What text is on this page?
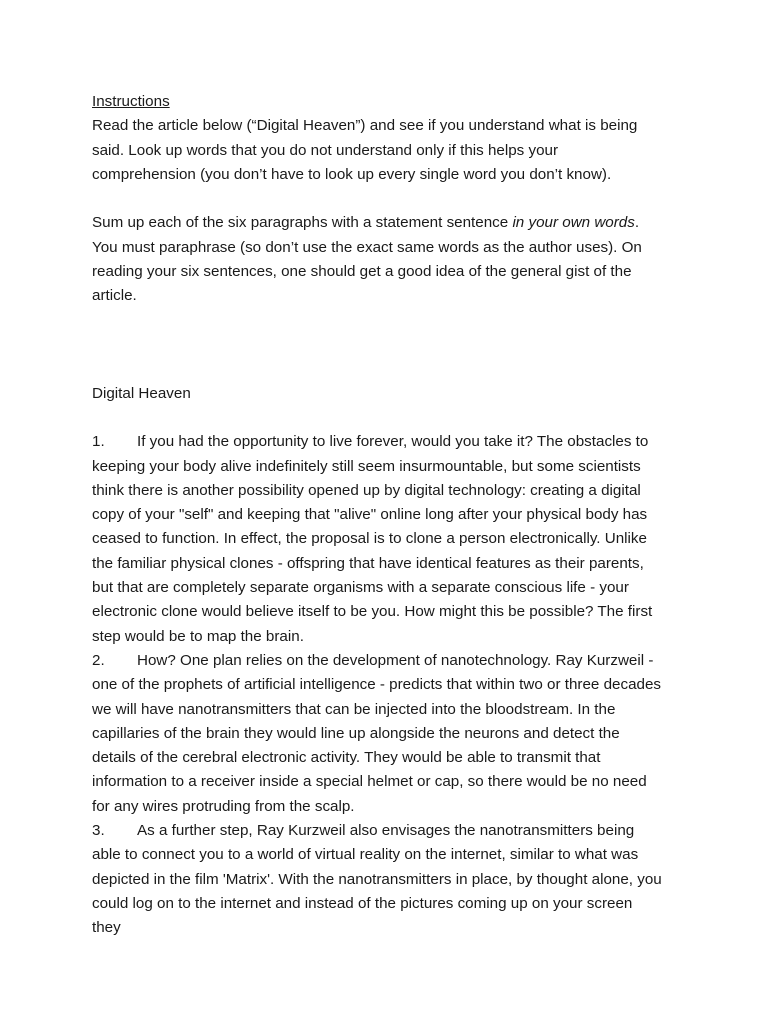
Instructions

Read the article below (“Digital Heaven”) and see if you understand what is being said. Look up words that you do not understand only if this helps your comprehension (you don’t have to look up every single word you don’t know).

Sum up each of the six paragraphs with a statement sentence in your own words. You must paraphrase (so don’t use the exact same words as the author uses). On reading your six sentences, one should get a good idea of the general gist of the article.

Digital Heaven

1. If you had the opportunity to live forever, would you take it? The obstacles to keeping your body alive indefinitely still seem insurmountable, but some scientists think there is another possibility opened up by digital technology: creating a digital copy of your "self" and keeping that "alive" online long after your physical body has ceased to function. In effect, the proposal is to clone a person electronically. Unlike the familiar physical clones - offspring that have identical features as their parents, but that are completely separate organisms with a separate conscious life - your electronic clone would believe itself to be you. How might this be possible? The first step would be to map the brain.

2. How? One plan relies on the development of nanotechnology. Ray Kurzweil - one of the prophets of artificial intelligence - predicts that within two or three decades we will have nanotransmitters that can be injected into the bloodstream. In the capillaries of the brain they would line up alongside the neurons and detect the details of the cerebral electronic activity. They would be able to transmit that information to a receiver inside a special helmet or cap, so there would be no need for any wires protruding from the scalp.

3. As a further step, Ray Kurzweil also envisages the nanotransmitters being able to connect you to a world of virtual reality on the internet, similar to what was depicted in the film 'Matrix'. With the nanotransmitters in place, by thought alone, you could log on to the internet and instead of the pictures coming up on your screen they
